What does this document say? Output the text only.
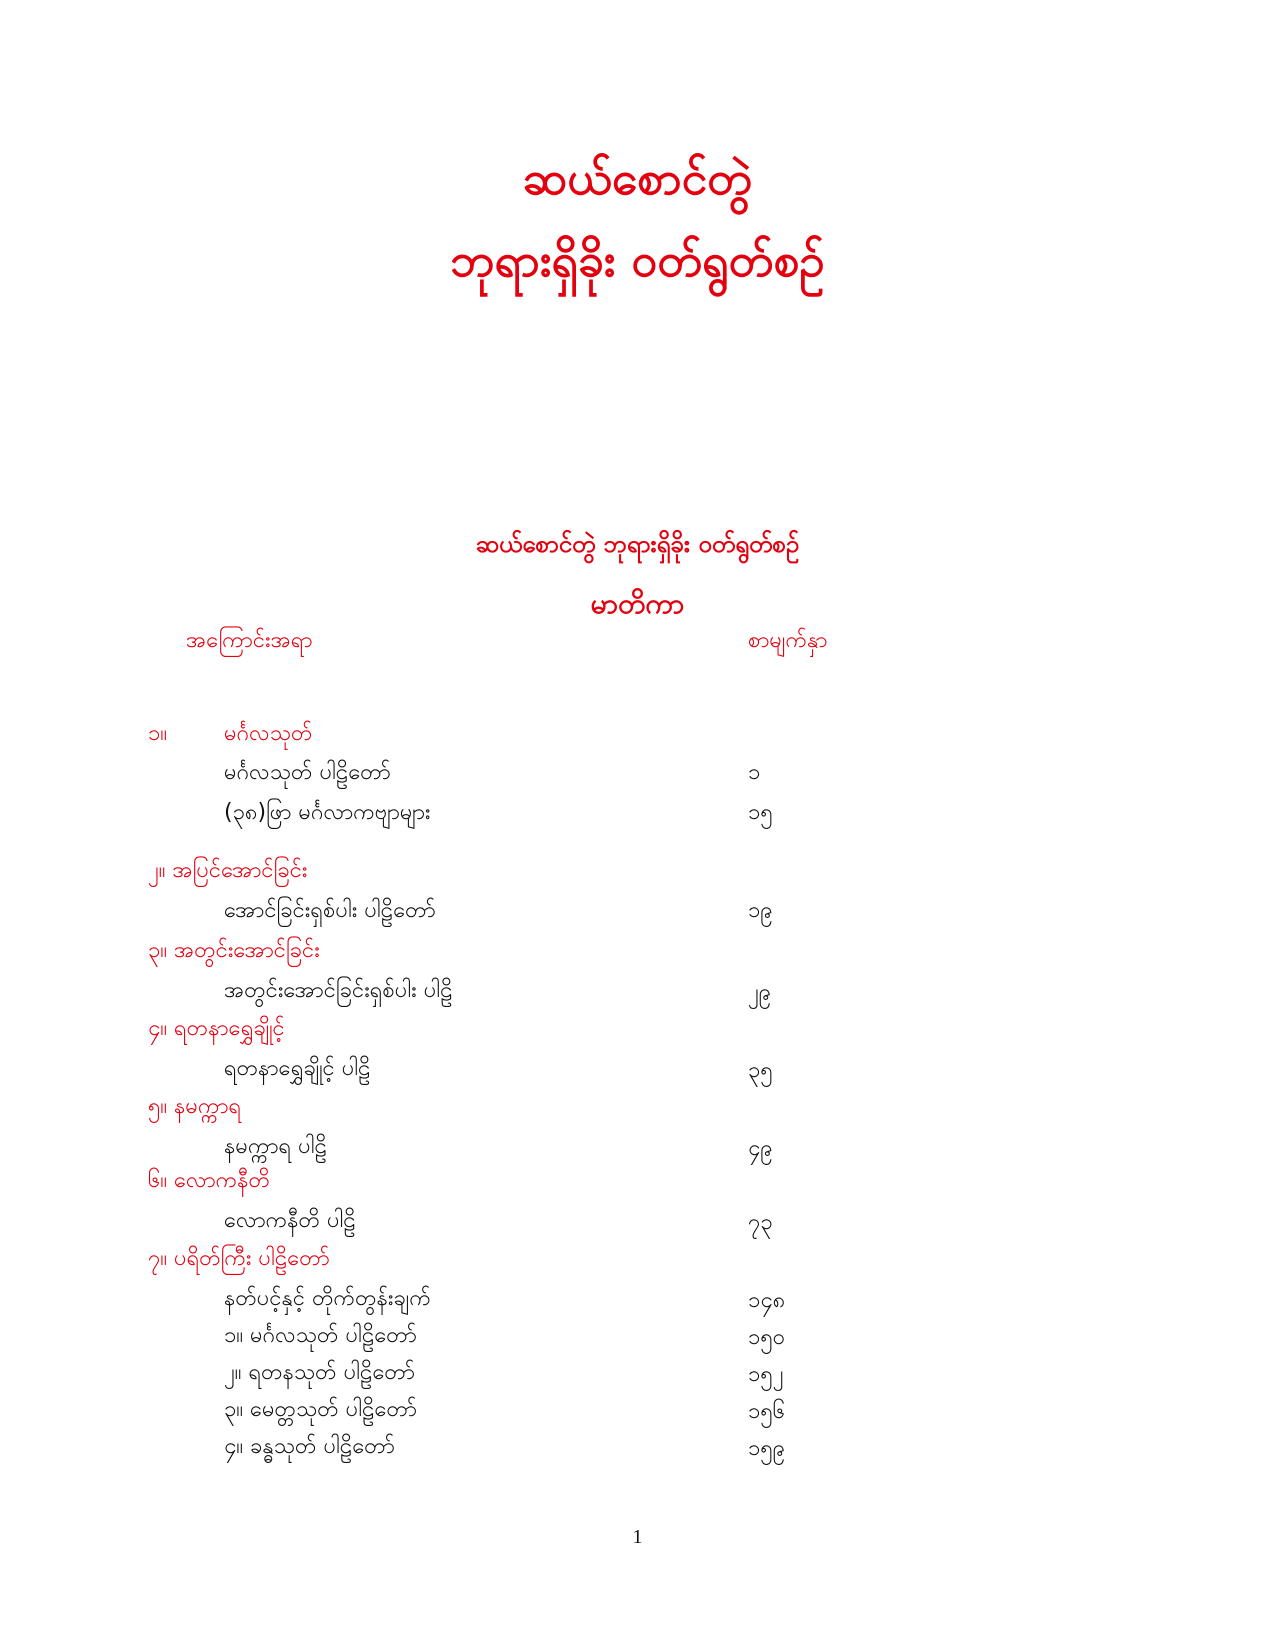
ဆယ်စောင်တွဲ
ဘုရားရှိခိုး ဝတ်ရွတ်စဉ်
ဆယ်စောင်တွဲ ဘုရားရှိခိုး ဝတ်ရွတ်စဉ်
မာတိကာ
အကြောင်းအရာ	စာမျက်နှာ
၁။	မင်္ဂလသုတ်
မင်္ဂလသုတ် ပါဠိတော်	၁
(၃၈)ဖြာ မင်္ဂလာကဗျာများ	၁၅
၂။ အပြင်အောင်ခြင်း
အောင်ခြင်းရှစ်ပါး ပါဠိတော်	၁၉
၃။ အတွင်းအောင်ခြင်း
အတွင်းအောင်ခြင်းရှစ်ပါး ပါဠိ	၂၉
၄။ ရတနာရွှေချိုင့်
ရတနာရွှေချိုင့် ပါဠိ	၃၅
၅။ နမက္ကာရ
နမက္ကာရ ပါဠိ	၄၉
၆။ လောကနီတိ
လောကနီတိ ပါဠိ	၇၃
၇။ ပရိတ်ကြီး ပါဠိတော်
နတ်ပင့်နှင့် တိုက်တွန်းချက်	၁၄၈
၁။ မင်္ဂလသုတ် ပါဠိတော်	၁၅၀
၂။ ရတနသုတ် ပါဠိတော်	၁၅၂
၃။ မေတ္တသုတ် ပါဠိတော်	၁၅၆
၄။ ခန္ဓသုတ် ပါဠိတော်	၁၅၉
1
